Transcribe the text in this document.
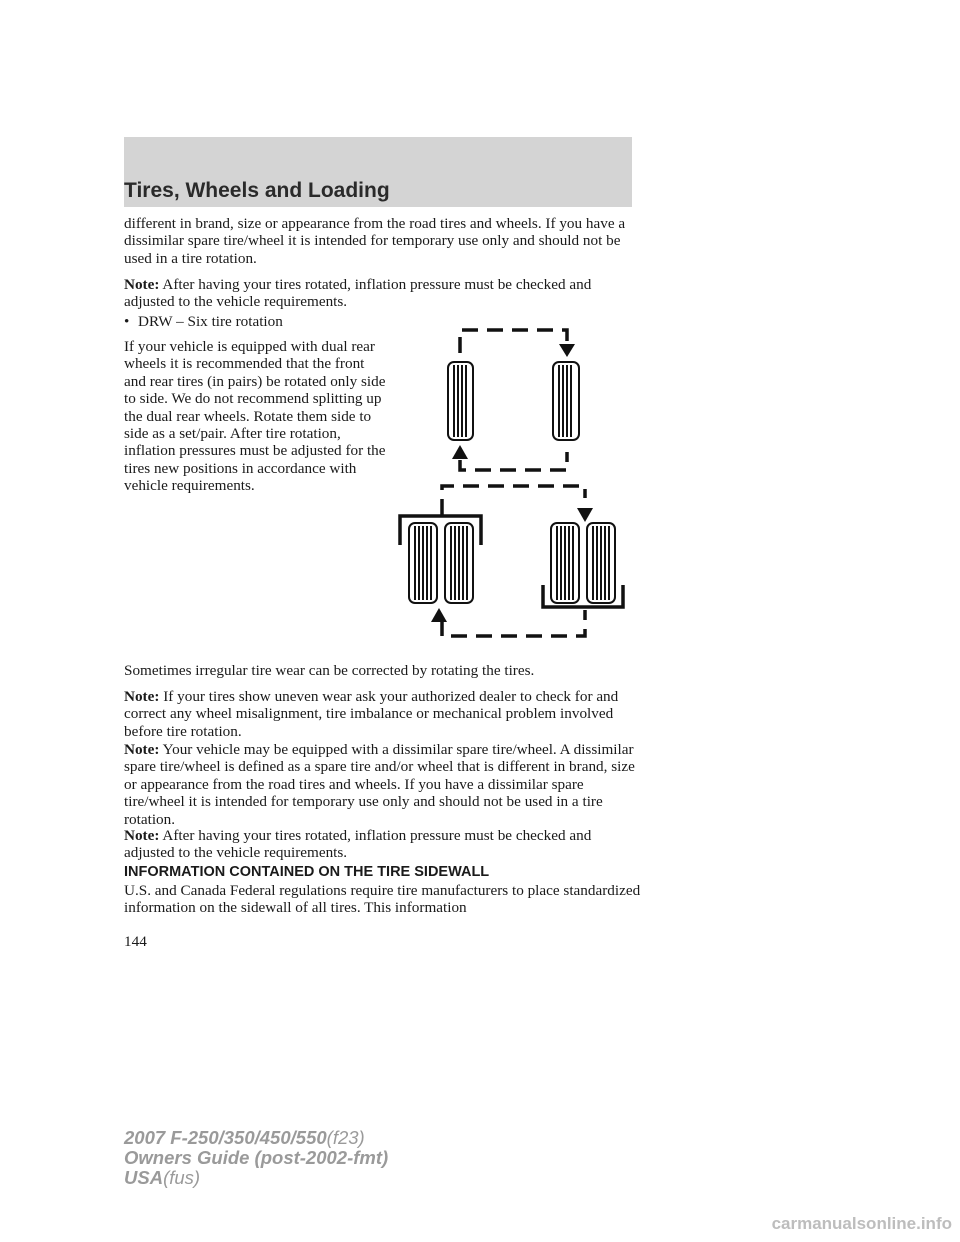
Tires, Wheels and Loading
different in brand, size or appearance from the road tires and wheels. If you have a dissimilar spare tire/wheel it is intended for temporary use only and should not be used in a tire rotation.
Note: After having your tires rotated, inflation pressure must be checked and adjusted to the vehicle requirements.
• DRW – Six tire rotation
If your vehicle is equipped with dual rear wheels it is recommended that the front and rear tires (in pairs) be rotated only side to side. We do not recommend splitting up the dual rear wheels. Rotate them side to side as a set/pair. After tire rotation, inflation pressures must be adjusted for the tires new positions in accordance with vehicle requirements.
Sometimes irregular tire wear can be corrected by rotating the tires.
Note: If your tires show uneven wear ask your authorized dealer to check for and correct any wheel misalignment, tire imbalance or mechanical problem involved before tire rotation.
Note: Your vehicle may be equipped with a dissimilar spare tire/wheel. A dissimilar spare tire/wheel is defined as a spare tire and/or wheel that is different in brand, size or appearance from the road tires and wheels. If you have a dissimilar spare tire/wheel it is intended for temporary use only and should not be used in a tire rotation.
Note: After having your tires rotated, inflation pressure must be checked and adjusted to the vehicle requirements.
INFORMATION CONTAINED ON THE TIRE SIDEWALL
U.S. and Canada Federal regulations require tire manufacturers to place standardized information on the sidewall of all tires. This information
144
2007 F-250/350/450/550(f23)
Owners Guide (post-2002-fmt)
USA(fus)
carmanualsonline.info
